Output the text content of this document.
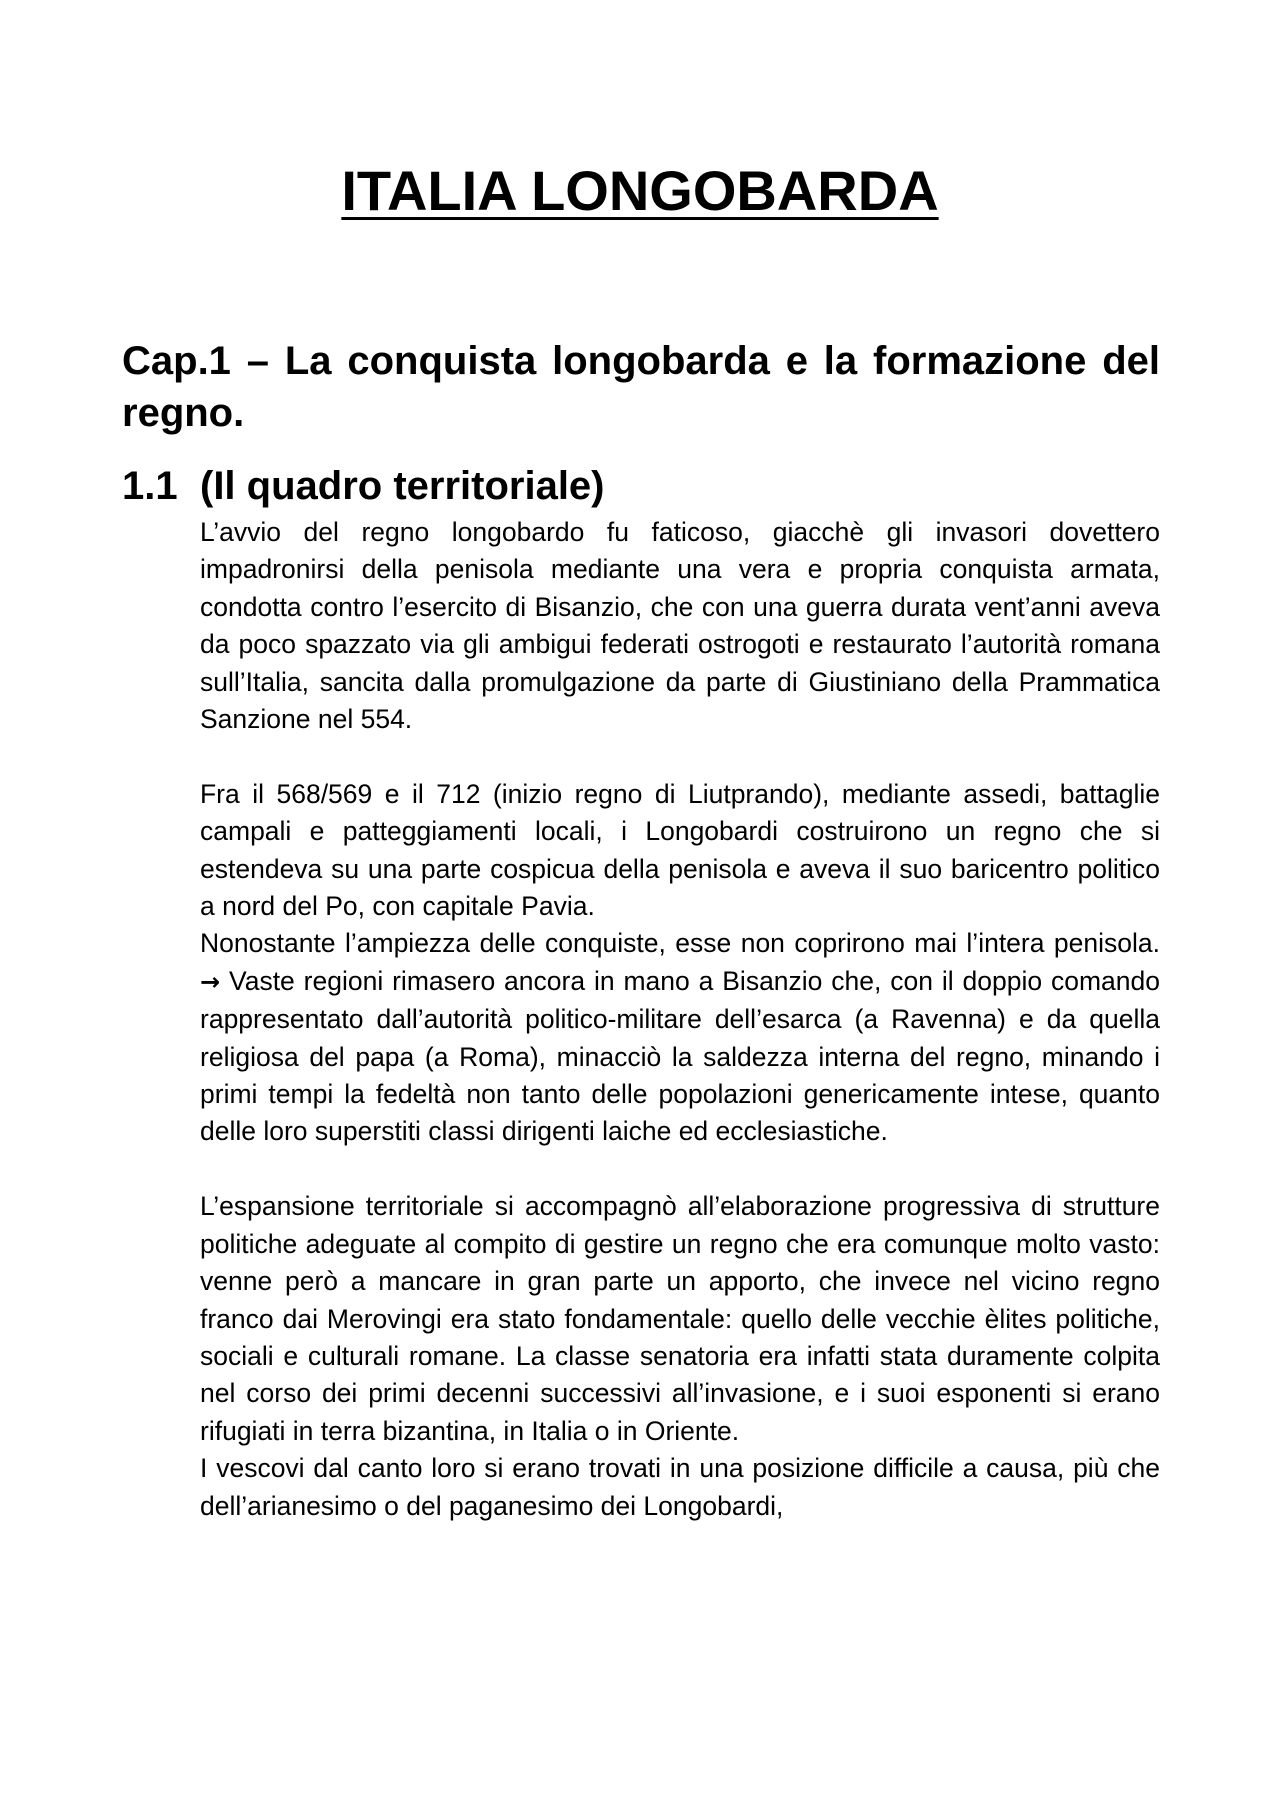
ITALIA LONGOBARDA
Cap.1 – La conquista longobarda e la formazione del regno.
1.1 (Il quadro territoriale)

L’avvio del regno longobardo fu faticoso, giacchè gli invasori dovettero impadronirsi della penisola mediante una vera e propria conquista armata, condotta contro l’esercito di Bisanzio, che con una guerra durata vent’anni aveva da poco spazzato via gli ambigui federati ostrogoti e restaurato l’autorità romana sull’Italia, sancita dalla promulgazione da parte di Giustiniano della Prammatica Sanzione nel 554.

Fra il 568/569 e il 712 (inizio regno di Liutprando), mediante assedi, battaglie campali e patteggiamenti locali, i Longobardi costruirono un regno che si estendeva su una parte cospicua della penisola e aveva il suo baricentro politico a nord del Po, con capitale Pavia.

Nonostante l’ampiezza delle conquiste, esse non coprirono mai l’intera penisola. → Vaste regioni rimasero ancora in mano a Bisanzio che, con il doppio comando rappresentato dall’autorità politico-militare dell’esarca (a Ravenna) e da quella religiosa del papa (a Roma), minacciò la saldezza interna del regno, minando i primi tempi la fedeltà non tanto delle popolazioni genericamente intese, quanto delle loro superstiti classi dirigenti laiche ed ecclesiastiche.

L’espansione territoriale si accompagnò all’elaborazione progressiva di strutture politiche adeguate al compito di gestire un regno che era comunque molto vasto: venne però a mancare in gran parte un apporto, che invece nel vicino regno franco dai Merovingi era stato fondamentale: quello delle vecchie èlites politiche, sociali e culturali romane. La classe senatoria era infatti stata duramente colpita nel corso dei primi decenni successivi all’invasione, e i suoi esponenti si erano rifugiati in terra bizantina, in Italia o in Oriente.

I vescovi dal canto loro si erano trovati in una posizione difficile a causa, più che dell’arianesimo o del paganesimo dei Longobardi,
